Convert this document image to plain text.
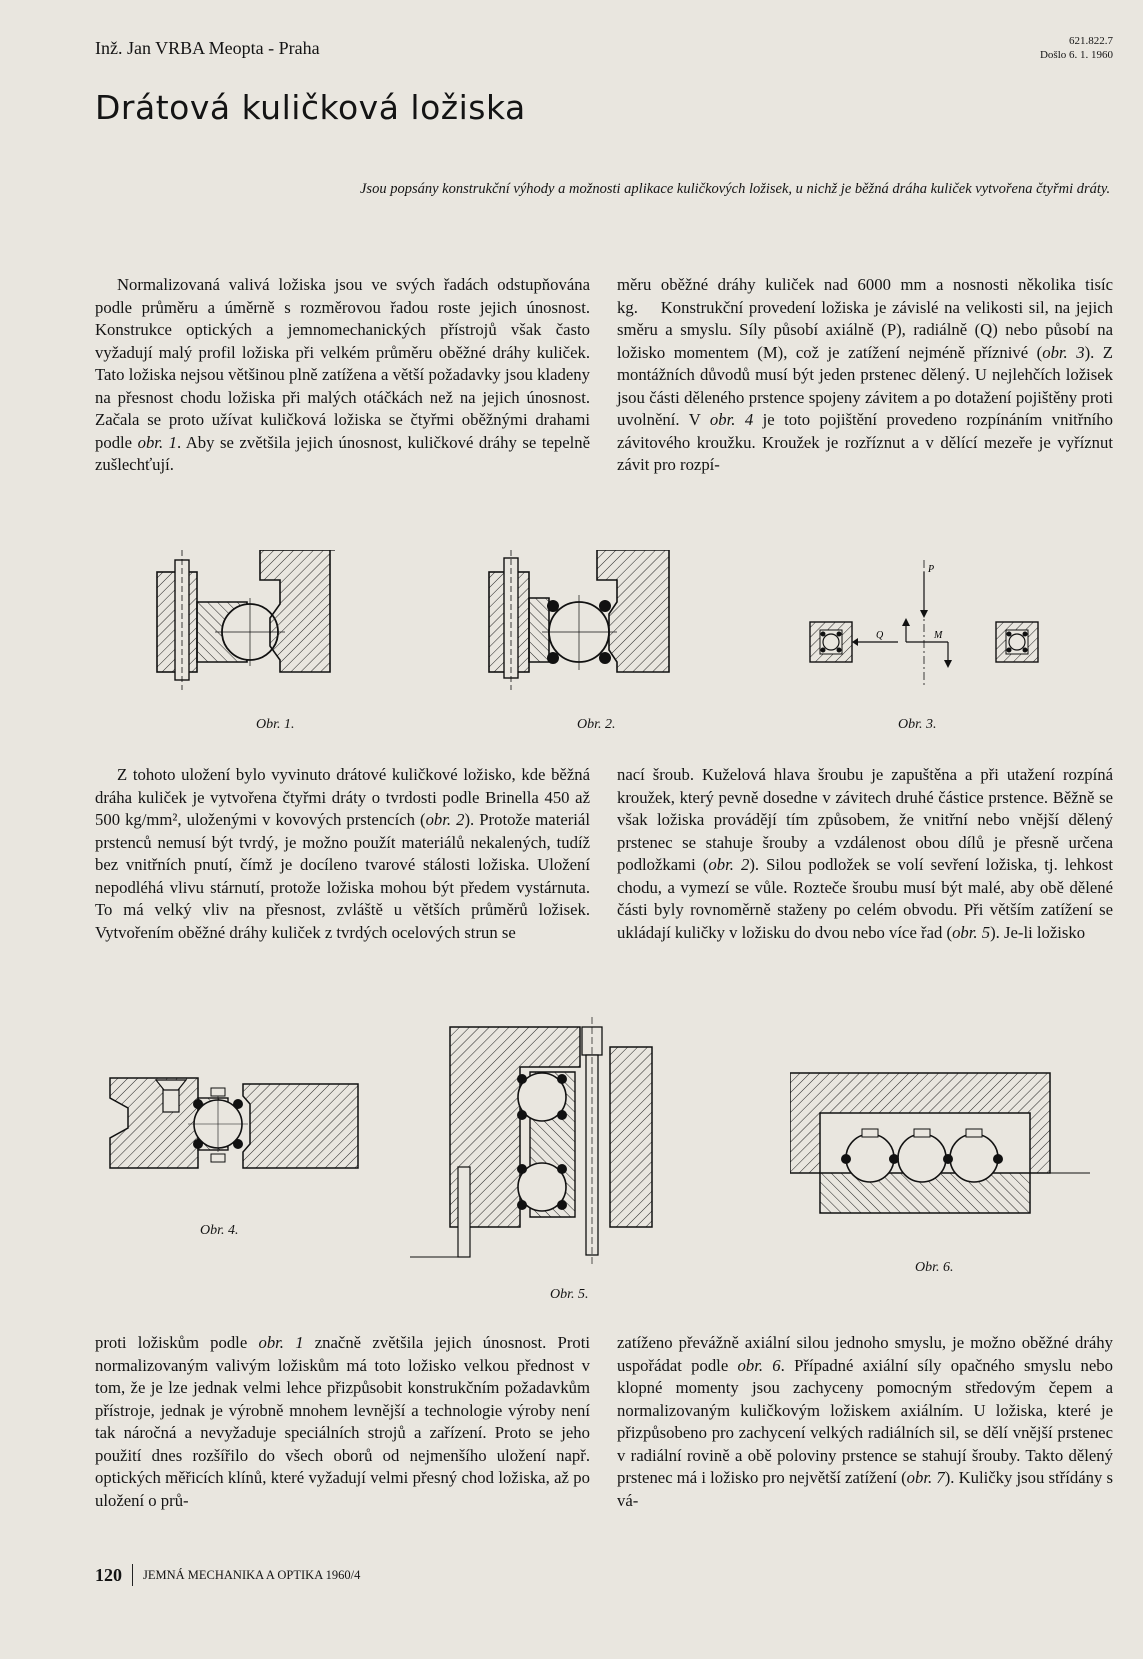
Inž. Jan VRBA Meopta - Praha	621.822.7
Došlo 6. 1. 1960
Drátová kuličková ložiska
Jsou popsány konstrukční výhody a možnosti aplikace kuličkových ložisek, u nichž je běžná dráha kuliček vytvořena čtyřmi dráty.

Normalizovaná valivá ložiska jsou ve svých řadách odstupňována podle průměru a úměrně s rozměrovou řadou roste jejich únosnost. Konstrukce optických a jemnomechanických přístrojů však často vyžadují malý profil ložiska při velkém průměru oběžné dráhy kuliček. Tato ložiska nejsou většinou plně zatížena a větší požadavky jsou kladeny na přesnost chodu ložiska při malých otáčkách než na jejich únosnost. Začala se proto užívat kuličková ložiska se čtyřmi oběžnými drahami podle obr. 1. Aby se zvětšila jejich únosnost, kuličkové dráhy se tepelně zušlechťují.

měru oběžné dráhy kuliček nad 6000 mm a nosnosti několika tisíc kg.    Konstrukční provedení ložiska je závislé na velikosti sil, na jejich směru a smyslu. Síly působí axiálně (P), radiálně (Q) nebo působí na ložisko momentem (M), což je zatížení nejméně příznivé (obr. 3). Z montážních důvodů musí být jeden prstenec dělený. U nejlehčích ložisek jsou části děleného prstence spojeny závitem a po dotažení pojištěny proti uvolnění. V obr. 4 je toto pojištění provedeno rozpínáním vnitřního závitového kroužku. Kroužek je rozříznut a v dělící mezeře je vyříznut závit pro rozpí-

Obr. 1.	Obr. 2.
Q	M
P
Obr. 3.

Z tohoto uložení bylo vyvinuto drátové kuličkové ložisko, kde běžná dráha kuliček je vytvořena čtyřmi dráty o tvrdosti podle Brinella 450 až 500 kg/mm², uloženými v kovových prstencích (obr. 2). Protože materiál prstenců nemusí být tvrdý, je možno použít materiálů nekalených, tudíž bez vnitřních pnutí, čímž je docíleno tvarové stálosti ložiska. Uložení nepodléhá vlivu stárnutí, protože ložiska mohou být předem vystárnuta. To má velký vliv na přesnost, zvláště u větších průměrů ložisek. Vytvořením oběžné dráhy kuliček z tvrdých ocelových strun se

nací šroub. Kuželová hlava šroubu je zapuštěna a při utažení rozpíná kroužek, který pevně dosedne v závitech druhé částice prstence. Běžně se však ložiska provádějí tím způsobem, že vnitřní nebo vnější dělený prstenec se stahuje šrouby a vzdálenost obou dílů je přesně určena podložkami (obr. 2). Silou podložek se volí sevření ložiska, tj. lehkost chodu, a vymezí se vůle. Rozteče šroubu musí být malé, aby obě dělené části byly rovnoměrně staženy po celém obvodu. Při větším zatížení se ukládají kuličky v ložisku do dvou nebo více řad (obr. 5). Je-li ložisko

Obr. 4.
Obr. 5.
Obr. 6.

proti ložiskům podle obr. 1 značně zvětšila jejich únosnost. Proti normalizovaným valivým ložiskům má toto ložisko velkou přednost v tom, že je lze jednak velmi lehce přizpůsobit konstrukčním požadavkům přístroje, jednak je výrobně mnohem levnější a technologie výroby není tak náročná a nevyžaduje speciálních strojů a zařízení. Proto se jeho použití dnes rozšířilo do všech oborů od nejmenšího uložení např. optických měřicích klínů, které vyžadují velmi přesný chod ložiska, až po uložení o prů-

zatíženo převážně axiální silou jednoho smyslu, je možno oběžné dráhy uspořádat podle obr. 6. Případné axiální síly opačného smyslu nebo klopné momenty jsou zachyceny pomocným středovým čepem a normalizovaným kuličkovým ložiskem axiálním. U ložiska, které je přizpůsobeno pro zachycení velkých radiálních sil, se dělí vnější prstenec v radiální rovině a obě poloviny prstence se stahují šrouby. Takto dělený prstenec má i ložisko pro největší zatížení (obr. 7). Kuličky jsou střídány s vá-

120 JEMNÁ MECHANIKA A OPTIKA 1960/4
